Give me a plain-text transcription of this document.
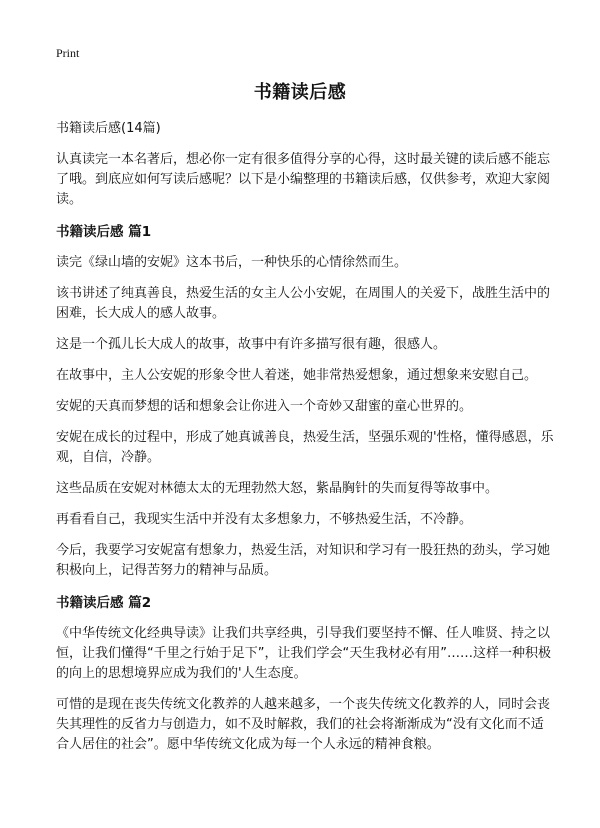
Print
书籍读后感
书籍读后感(14篇)

认真读完一本名著后，想必你一定有很多值得分享的心得，这时最关键的读后感不能忘了哦。到底应如何写读后感呢？以下是小编整理的书籍读后感，仅供参考，欢迎大家阅读。

书籍读后感 篇1

读完《绿山墙的安妮》这本书后，一种快乐的心情徐然而生。

该书讲述了纯真善良，热爱生活的女主人公小安妮，在周围人的关爱下，战胜生活中的困难，长大成人的感人故事。

这是一个孤儿长大成人的故事，故事中有许多描写很有趣，很感人。

在故事中，主人公安妮的形象令世人着迷，她非常热爱想象，通过想象来安慰自己。

安妮的天真而梦想的话和想象会让你进入一个奇妙又甜蜜的童心世界的。

安妮在成长的过程中，形成了她真诚善良，热爱生活，坚强乐观的'性格，懂得感恩，乐观，自信，冷静。

这些品质在安妮对林德太太的无理勃然大怒，紫晶胸针的失而复得等故事中。

再看看自己，我现实生活中并没有太多想象力，不够热爱生活，不冷静。

今后，我要学习安妮富有想象力，热爱生活，对知识和学习有一股狂热的劲头，学习她积极向上，记得苦努力的精神与品质。

书籍读后感 篇2

《中华传统文化经典导读》让我们共享经典，引导我们要坚持不懈、任人唯贤、持之以恒，让我们懂得“千里之行始于足下”，让我们学会“天生我材必有用”……这样一种积极的向上的思想境界应成为我们的'人生态度。

可惜的是现在丧失传统文化教养的人越来越多，一个丧失传统文化教养的人，同时会丧失其理性的反省力与创造力，如不及时解救，我们的社会将渐渐成为“没有文化而不适合人居住的社会”。愿中华传统文化成为每一个人永远的精神食粮。
